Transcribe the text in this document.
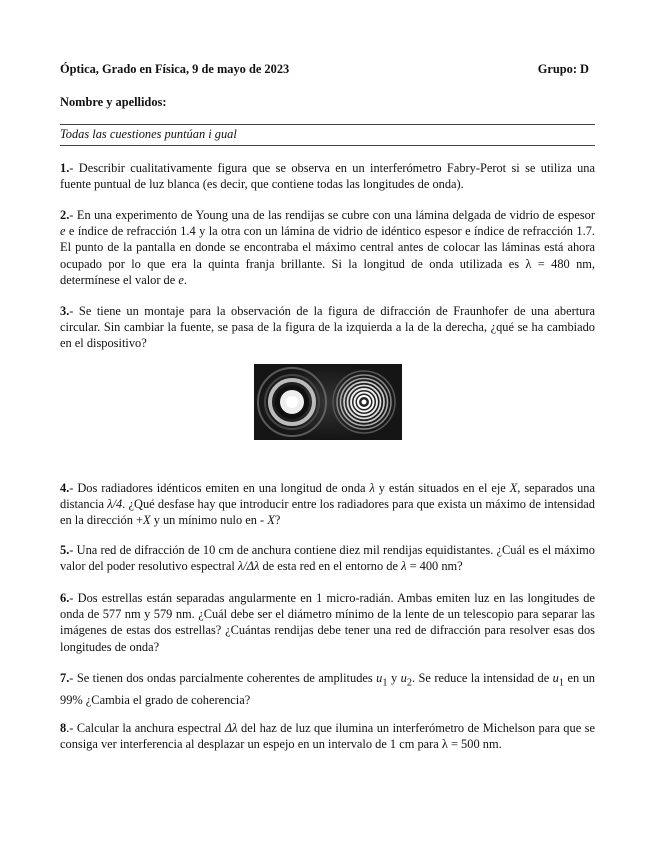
Óptica, Grado en Física, 9 de mayo de 2023	Grupo: D
Nombre y apellidos:
Todas las cuestiones puntúan i gual
1.- Describir cualitativamente figura que se observa en un interferómetro Fabry-Perot si se utiliza una fuente puntual de luz blanca (es decir, que contiene todas las longitudes de onda).
2.- En una experimento de Young una de las rendijas se cubre con una lámina delgada de vidrio de espesor e e índice de refracción 1.4 y la otra con un lámina de vidrio de idéntico espesor e índice de refracción 1.7. El punto de la pantalla en donde se encontraba el máximo central antes de colocar las láminas está ahora ocupado por lo que era la quinta franja brillante. Si la longitud de onda utilizada es λ = 480 nm, determínese el valor de e.
3.- Se tiene un montaje para la observación de la figura de difracción de Fraunhofer de una abertura circular. Sin cambiar la fuente, se pasa de la figura de la izquierda a la de la derecha, ¿qué se ha cambiado en el dispositivo?
4.- Dos radiadores idénticos emiten en una longitud de onda λ y están situados en el eje X, separados una distancia λ/4. ¿Qué desfase hay que introducir entre los radiadores para que exista un máximo de intensidad en la dirección +X y un mínimo nulo en - X?
5.- Una red de difracción de 10 cm de anchura contiene diez mil rendijas equidistantes. ¿Cuál es el máximo valor del poder resolutivo espectral λ/Δλ de esta red en el entorno de λ = 400 nm?
6.- Dos estrellas están separadas angularmente en 1 micro-radián. Ambas emiten luz en las longitudes de onda de 577 nm y 579 nm. ¿Cuál debe ser el diámetro mínimo de la lente de un telescopio para separar las imágenes de estas dos estrellas? ¿Cuántas rendijas debe tener una red de difracción para resolver esas dos longitudes de onda?
7.- Se tienen dos ondas parcialmente coherentes de amplitudes $u_1$ y $u_2$. Se reduce la intensidad de $u_1$ en un 99% ¿Cambia el grado de coherencia?
8.- Calcular la anchura espectral Δλ del haz de luz que ilumina un interferómetro de Michelson para que se consiga ver interferencia al desplazar un espejo en un intervalo de 1 cm para λ = 500 nm.
